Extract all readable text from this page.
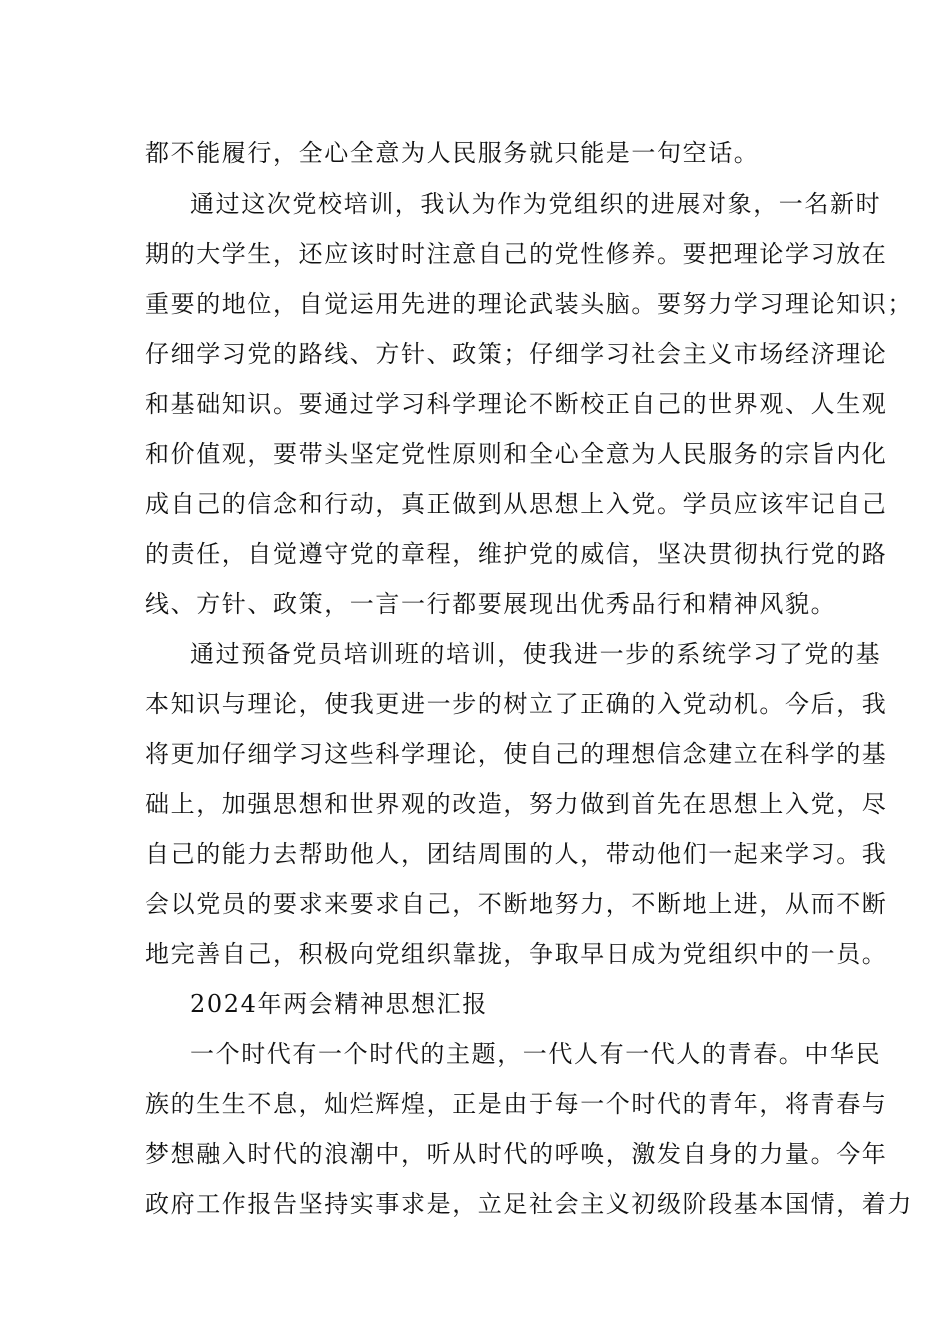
都不能履行，全心全意为人民服务就只能是一句空话。
通过这次党校培训，我认为作为党组织的进展对象，一名新时
期的大学生，还应该时时注意自己的党性修养。要把理论学习放在
重要的地位，自觉运用先进的理论武装头脑。要努力学习理论知识；
仔细学习党的路线、方针、政策；仔细学习社会主义市场经济理论
和基础知识。要通过学习科学理论不断校正自己的世界观、人生观
和价值观，要带头坚定党性原则和全心全意为人民服务的宗旨内化
成自己的信念和行动，真正做到从思想上入党。学员应该牢记自己
的责任，自觉遵守党的章程，维护党的威信，坚决贯彻执行党的路
线、方针、政策，一言一行都要展现出优秀品行和精神风貌。
通过预备党员培训班的培训，使我进一步的系统学习了党的基
本知识与理论，使我更进一步的树立了正确的入党动机。今后，我
将更加仔细学习这些科学理论，使自己的理想信念建立在科学的基
础上，加强思想和世界观的改造，努力做到首先在思想上入党，尽
自己的能力去帮助他人，团结周围的人，带动他们一起来学习。我
会以党员的要求来要求自己，不断地努力，不断地上进，从而不断
地完善自己，积极向党组织靠拢，争取早日成为党组织中的一员。
2024年两会精神思想汇报
一个时代有一个时代的主题，一代人有一代人的青春。中华民
族的生生不息，灿烂辉煌，正是由于每一个时代的青年，将青春与
梦想融入时代的浪潮中，听从时代的呼唤，激发自身的力量。今年
政府工作报告坚持实事求是，立足社会主义初级阶段基本国情，着力
